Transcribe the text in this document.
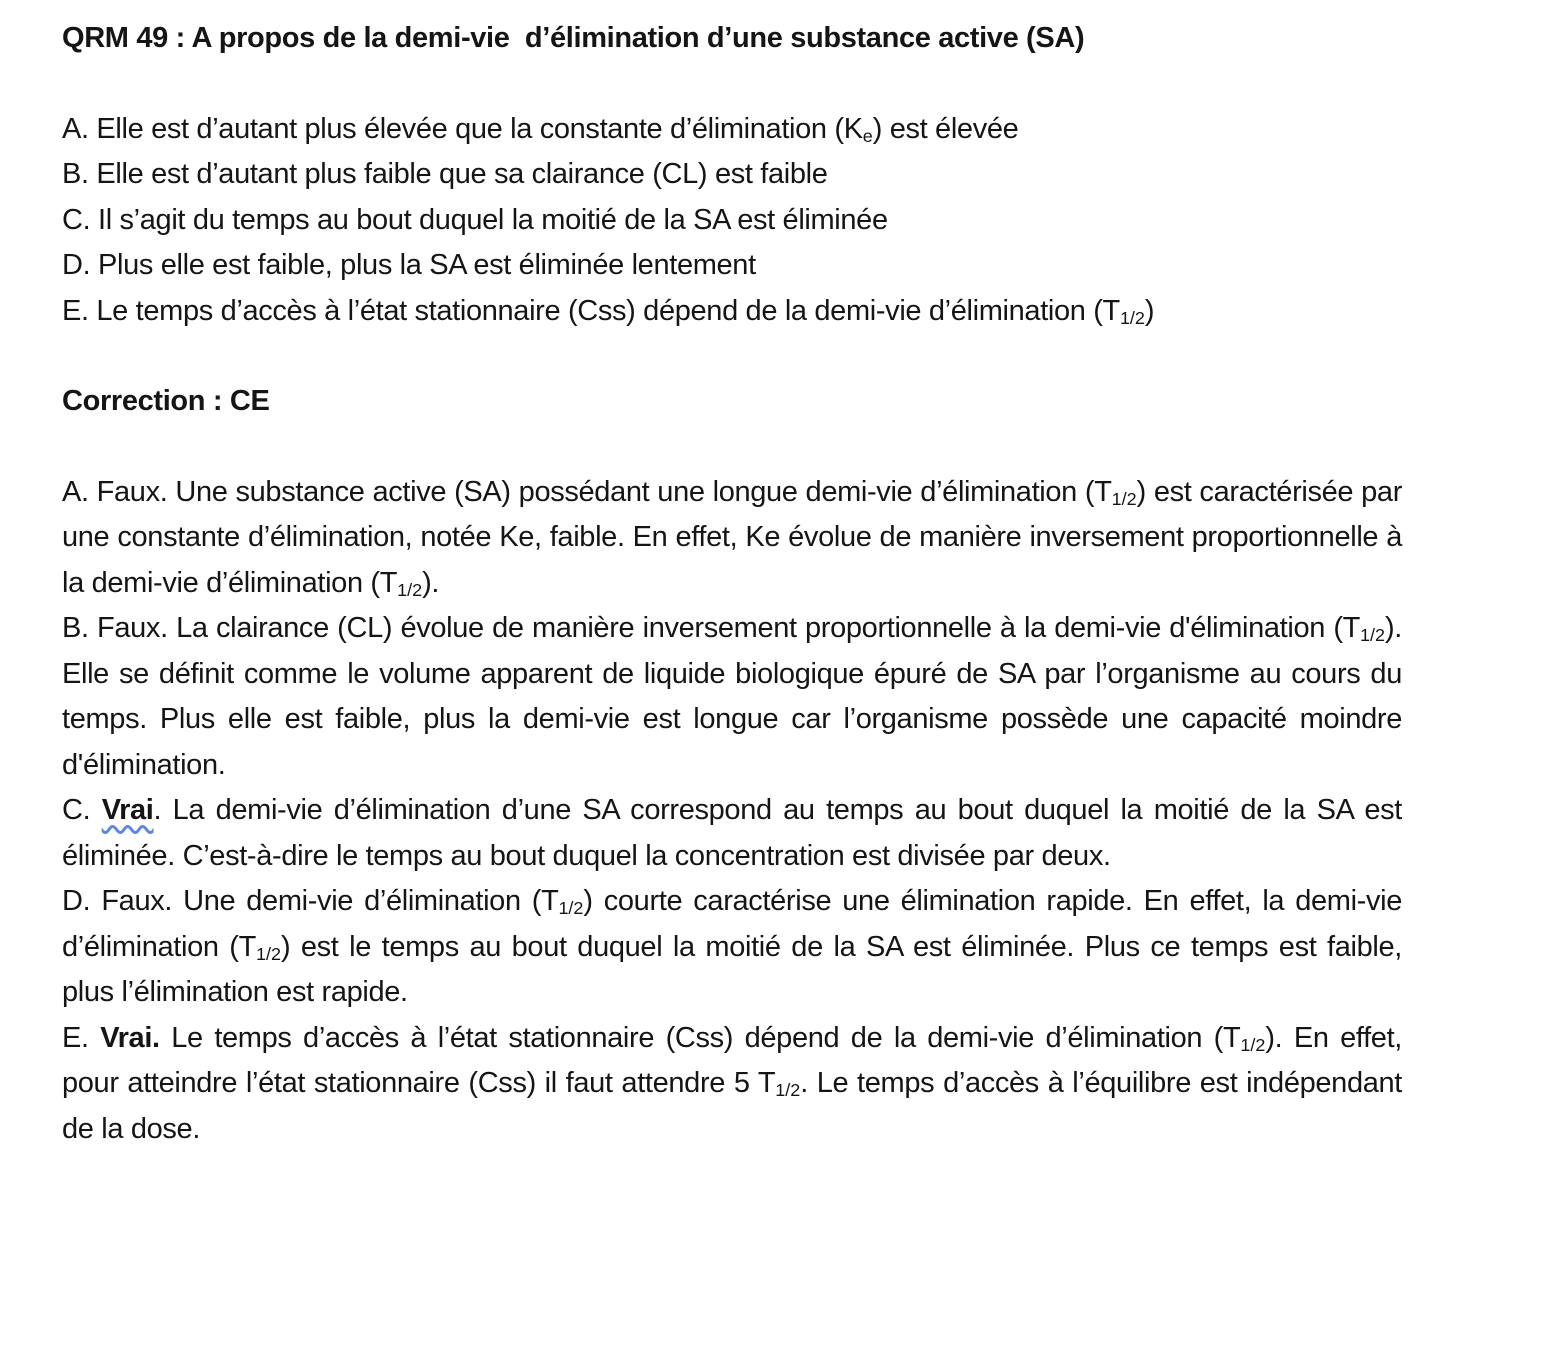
QRM 49 : A propos de la demi-vie  d’élimination d’une substance active (SA)

A. Elle est d’autant plus élevée que la constante d’élimination $(K_e)$ est élevée

B. Elle est d’autant plus faible que sa clairance (CL) est faible

C. Il s’agit du temps au bout duquel la moitié de la SA est éliminée

D. Plus elle est faible, plus la SA est éliminée lentement

E. Le temps d’accès à l’état stationnaire (Css) dépend de la demi-vie d’élimination $(T_{1/2})$

Correction : CE

A. Faux. Une substance active (SA) possédant une longue demi-vie d’élimination $(T_{1/2})$ est caractérisée par une constante d’élimination, notée Ke, faible. En effet, Ke évolue de manière inversement proportionnelle à la demi-vie d’élimination $(T_{1/2})$.

B. Faux. La clairance (CL) évolue de manière inversement proportionnelle à la demi-vie d'élimination $(T_{1/2})$. Elle se définit comme le volume apparent de liquide biologique épuré de SA par l’organisme au cours du temps. Plus elle est faible, plus la demi-vie est longue car l’organisme possède une capacité moindre d'élimination.

C. Vrai. La demi-vie d’élimination d’une SA correspond au temps au bout duquel la moitié de la SA est éliminée. C’est-à-dire le temps au bout duquel la concentration est divisée par deux.

D. Faux. Une demi-vie d’élimination $(T_{1/2})$ courte caractérise une élimination rapide. En effet, la demi-vie d’élimination $(T_{1/2})$ est le temps au bout duquel la moitié de la SA est éliminée. Plus ce temps est faible, plus l’élimination est rapide.

E. Vrai. Le temps d’accès à l’état stationnaire (Css) dépend de la demi-vie d’élimination $(T_{1/2})$. En effet, pour atteindre l’état stationnaire (Css) il faut attendre 5 $T_{1/2}$. Le temps d’accès à l’équilibre est indépendant de la dose.
